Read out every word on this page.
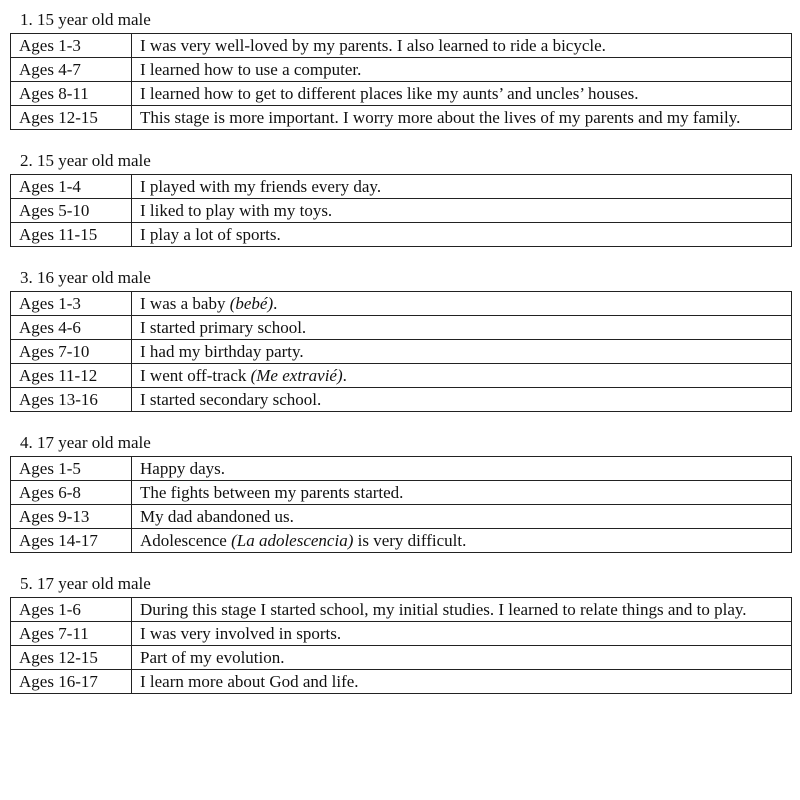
1. 15 year old male
Ages 1-3	I was very well-loved by my parents. I also learned to ride a bicycle.
Ages 4-7	I learned how to use a computer.
Ages 8-11	I learned how to get to different places like my aunts’ and uncles’ houses.
Ages 12-15	This stage is more important. I worry more about the lives of my parents and my family.
2. 15 year old male
Ages 1-4	I played with my friends every day.
Ages 5-10	I liked to play with my toys.
Ages 11-15	I play a lot of sports.
3. 16 year old male
Ages 1-3	I was a baby (bebé).
Ages 4-6	I started primary school.
Ages 7-10	I had my birthday party.
Ages 11-12	I went off-track (Me extravié).
Ages 13-16	I started secondary school.
4. 17 year old male
Ages 1-5	Happy days.
Ages 6-8	The fights between my parents started.
Ages 9-13	My dad abandoned us.
Ages 14-17	Adolescence (La adolescencia) is very difficult.
5. 17 year old male
Ages 1-6	During this stage I started school, my initial studies. I learned to relate things and to play.
Ages 7-11	I was very involved in sports.
Ages 12-15	Part of my evolution.
Ages 16-17	I learn more about God and life.
